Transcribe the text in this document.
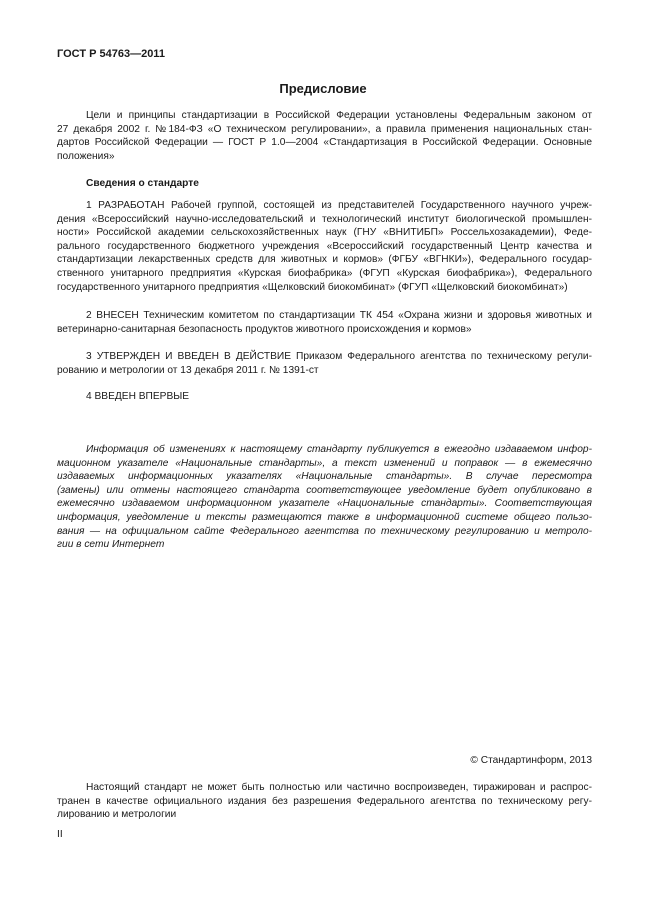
ГОСТ Р 54763—2011
Предисловие
Цели и принципы стандартизации в Российской Федерации установлены Федеральным законом от
27 декабря 2002 г. №184-ФЗ «О техническом регулировании», а правила применения национальных стан-
дартов Российской Федерации — ГОСТ Р 1.0—2004 «Стандартизация в Российской Федерации. Основные
положения»
Сведения о стандарте
1 РАЗРАБОТАН Рабочей группой, состоящей из представителей Государственного научного учреж-
дения «Всероссийский научно-исследовательский и технологический институт биологической промышлен-
ности» Российской академии сельскохозяйственных наук (ГНУ «ВНИТИБП» Россельхозакадемии), Феде-
рального государственного бюджетного учреждения «Всероссийский государственный Центр качества и
стандартизации лекарственных средств для животных и кормов» (ФГБУ «ВГНКИ»), Федерального государ-
ственного унитарного предприятия «Курская биофабрика» (ФГУП «Курская биофабрика»), Федерального
государственного унитарного предприятия «Щелковский биокомбинат» (ФГУП «Щелковский биокомбинат»)
2 ВНЕСЕН Техническим комитетом по стандартизации ТК 454 «Охрана жизни и здоровья животных и
ветеринарно-санитарная безопасность продуктов животного происхождения и кормов»
3 УТВЕРЖДЕН И ВВЕДЕН В ДЕЙСТВИЕ Приказом Федерального агентства по техническому регули-
рованию и метрологии от 13 декабря 2011 г. № 1391-ст
4 ВВЕДЕН ВПЕРВЫЕ
Информация об изменениях к настоящему стандарту публикуется в ежегодно издаваемом инфор-
мационном указателе «Национальные стандарты», а текст изменений и поправок — в ежемесячно
издаваемых информационных указателях «Национальные стандарты». В случае пересмотра
(замены) или отмены настоящего стандарта соответствующее уведомление будет опубликовано в
ежемесячно издаваемом информационном указателе «Национальные стандарты». Соответствующая
информация, уведомление и тексты размещаются также в информационной системе общего пользо-
вания — на официальном сайте Федерального агентства по техническому регулированию и метроло-
гии в сети Интернет
© Стандартинформ, 2013
Настоящий стандарт не может быть полностью или частично воспроизведен, тиражирован и распрос-
транен в качестве официального издания без разрешения Федерального агентства по техническому регу-
лированию и метрологии
II
